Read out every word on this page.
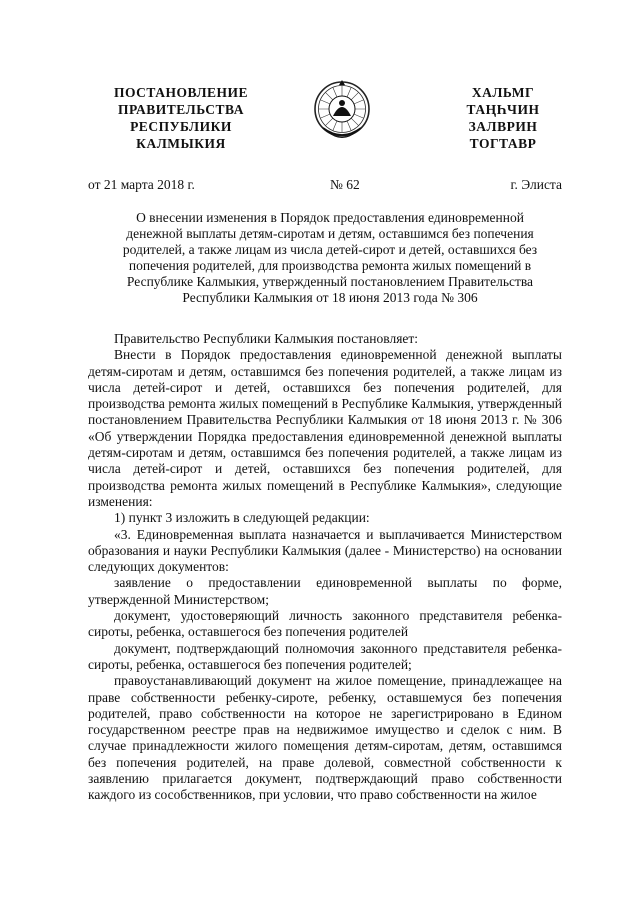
ПОСТАНОВЛЕНИЕ
ПРАВИТЕЛЬСТВА
РЕСПУБЛИКИ
КАЛМЫКИЯ
ХАЛЬМГ
ТАҢҺЧИН
ЗАЛВРИН
ТОГТАВР
от 21 марта 2018 г.	№ 62	г. Элиста
О внесении изменения в Порядок предоставления единовременной
денежной выплаты детям-сиротам и детям, оставшимся без попечения
родителей, а также лицам из числа детей-сирот и детей, оставшихся без
попечения родителей, для производства ремонта жилых помещений в
Республике Калмыкия, утвержденный постановлением Правительства
Республики Калмыкия от 18 июня 2013 года № 306

Правительство Республики Калмыкия постановляет:

Внести в Порядок предоставления единовременной денежной выплаты детям-сиротам и детям, оставшимся без попечения родителей, а также лицам из числа детей-сирот и детей, оставшихся без попечения родителей, для производства ремонта жилых помещений в Республике Калмыкия, утвержденный постановлением Правительства Республики Калмыкия от 18 июня 2013 г. № 306 «Об утверждении Порядка предоставления единовременной денежной выплаты детям-сиротам и детям, оставшимся без попечения родителей, а также лицам из числа детей-сирот и детей, оставшихся без попечения родителей, для производства ремонта жилых помещений в Республике Калмыкия», следующие изменения:

1) пункт 3 изложить в следующей редакции:

«3. Единовременная выплата назначается и выплачивается Министерством образования и науки Республики Калмыкия (далее - Министерство) на основании следующих документов:

заявление о предоставлении единовременной выплаты по форме, утвержденной Министерством;

документ, удостоверяющий личность законного представителя ребенка-сироты, ребенка, оставшегося без попечения родителей

документ, подтверждающий полномочия законного представителя ребенка-сироты, ребенка, оставшегося без попечения родителей;

правоустанавливающий документ на жилое помещение, принадлежащее на праве собственности ребенку-сироте, ребенку, оставшемуся без попечения родителей, право собственности на которое не зарегистрировано в Едином государственном реестре прав на недвижимое имущество и сделок с ним. В случае принадлежности жилого помещения детям-сиротам, детям, оставшимся без попечения родителей, на праве долевой, совместной собственности к заявлению прилагается документ, подтверждающий право собственности каждого из сособственников, при условии, что право собственности на жилое
